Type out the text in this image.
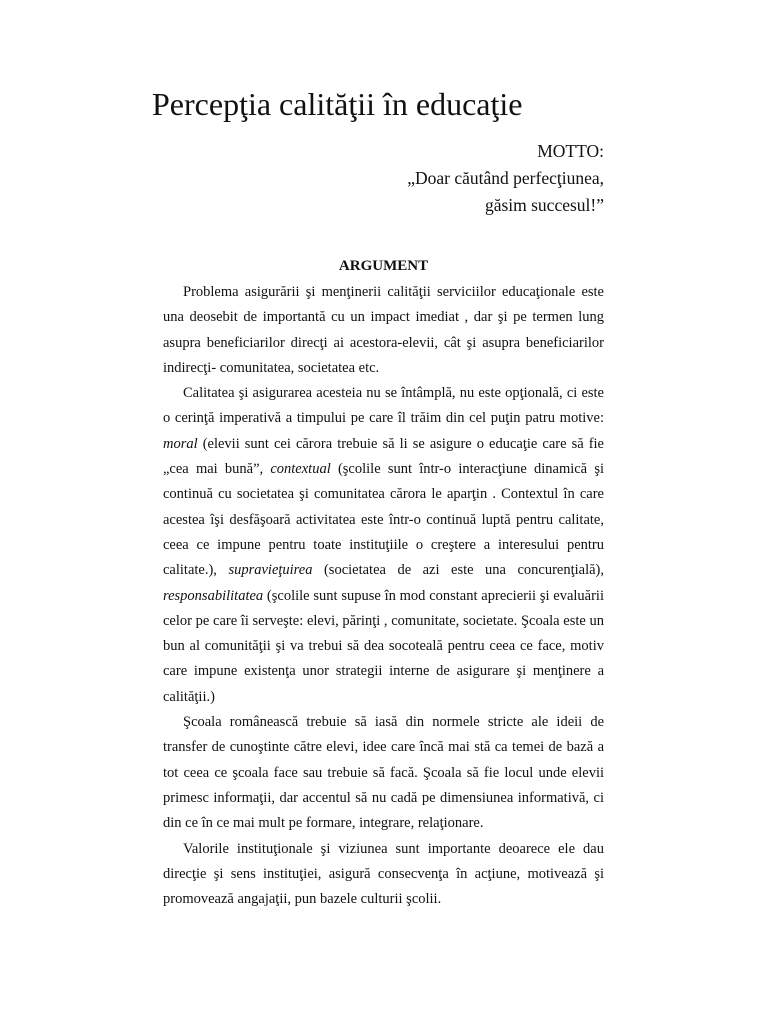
Percepţia calităţii în educaţie
MOTTO:
„Doar căutând perfecţiunea,
găsim succesul!”
ARGUMENT

Problema asigurării şi menţinerii calităţii serviciilor educaţionale este una deosebit de importantă cu un impact imediat , dar şi pe termen lung asupra beneficiarilor direcţi ai acestora-elevii, cât şi asupra beneficiarilor indirecţi- comunitatea, societatea etc.

Calitatea şi asigurarea acesteia nu se întâmplă, nu este opţională, ci este o cerinţă imperativă a timpului pe care îl trăim din cel puţin patru motive: moral (elevii sunt cei cărora trebuie să li se asigure o educaţie care să fie „cea mai bună”, contextual (şcolile sunt într-o interacţiune dinamică şi continuă cu societatea şi comunitatea cărora le aparţin . Contextul în care acestea îşi desfăşoară activitatea este într-o continuă luptă pentru calitate, ceea ce impune pentru toate instituţiile o creştere a interesului pentru calitate.), supravieţuirea (societatea de azi este una concurenţială), responsabilitatea (şcolile sunt supuse în mod constant aprecierii şi evaluării celor pe care îi serveşte: elevi, părinţi , comunitate, societate. Şcoala este un bun al comunităţii şi va trebui să dea socoteală pentru ceea ce face, motiv care impune existenţa unor strategii interne de asigurare şi menţinere a calităţii.)

Şcoala românească trebuie să iasă din normele stricte ale ideii de transfer de cunoştinte către elevi, idee care încă mai stă ca temei de bază a tot ceea ce şcoala face sau trebuie să facă. Şcoala să fie locul unde elevii primesc informaţii, dar accentul să nu cadă pe dimensiunea informativă, ci din ce în ce mai mult pe formare, integrare, relaţionare.

Valorile instituţionale şi viziunea sunt importante deoarece ele dau direcţie şi sens instituţiei, asigură consecvenţa în acţiune, motivează şi promovează angajaţii, pun bazele culturii şcolii.
